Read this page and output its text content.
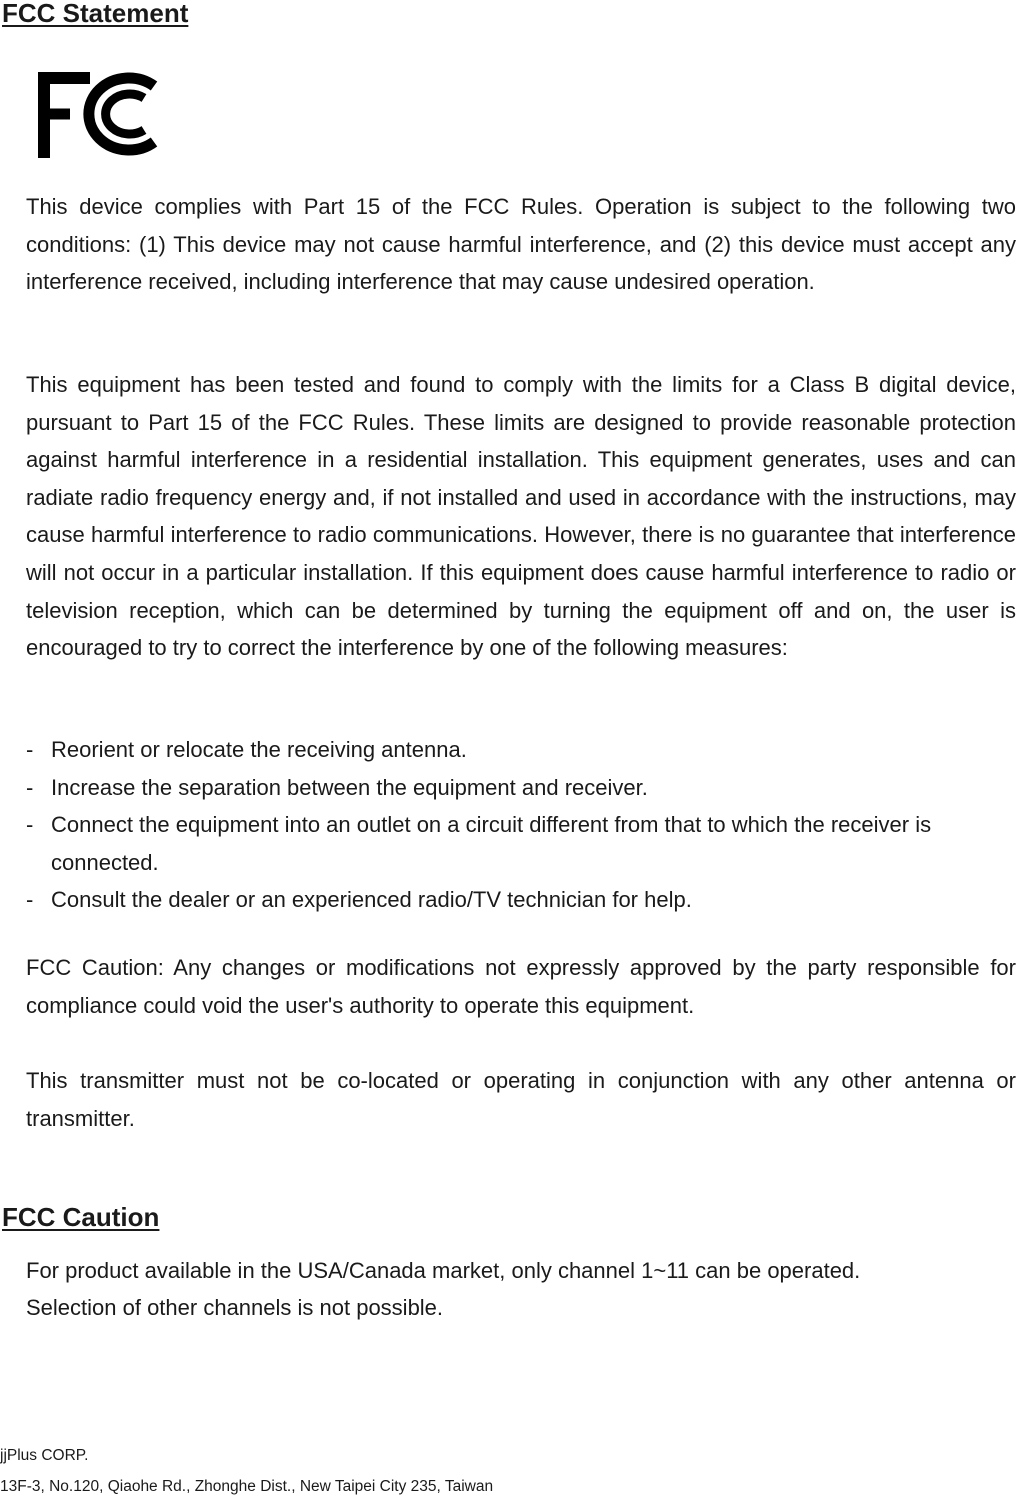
FCC Statement

This device complies with Part 15 of the FCC Rules. Operation is subject to the following two conditions: (1) This device may not cause harmful interference, and (2) this device must accept any interference received, including interference that may cause undesired operation.

This equipment has been tested and found to comply with the limits for a Class B digital device, pursuant to Part 15 of the FCC Rules. These limits are designed to provide reasonable protection against harmful interference in a residential installation. This equipment generates, uses and can radiate radio frequency energy and, if not installed and used in accordance with the instructions, may cause harmful interference to radio communications. However, there is no guarantee that interference will not occur in a particular installation. If this equipment does cause harmful interference to radio or television reception, which can be determined by turning the equipment off and on, the user is encouraged to try to correct the interference by one of the following measures:

- Reorient or relocate the receiving antenna.
- Increase the separation between the equipment and receiver.
- Connect the equipment into an outlet on a circuit different from that to which the receiver is connected.
- Consult the dealer or an experienced radio/TV technician for help.

FCC Caution: Any changes or modifications not expressly approved by the party responsible for compliance could void the user's authority to operate this equipment.

This transmitter must not be co-located or operating in conjunction with any other antenna or transmitter.

FCC Caution

For product available in the USA/Canada market, only channel 1~11 can be operated.

Selection of other channels is not possible.

jjPlus CORP.

13F-3, No.120, Qiaohe Rd., Zhonghe Dist., New Taipei City 235, Taiwan
